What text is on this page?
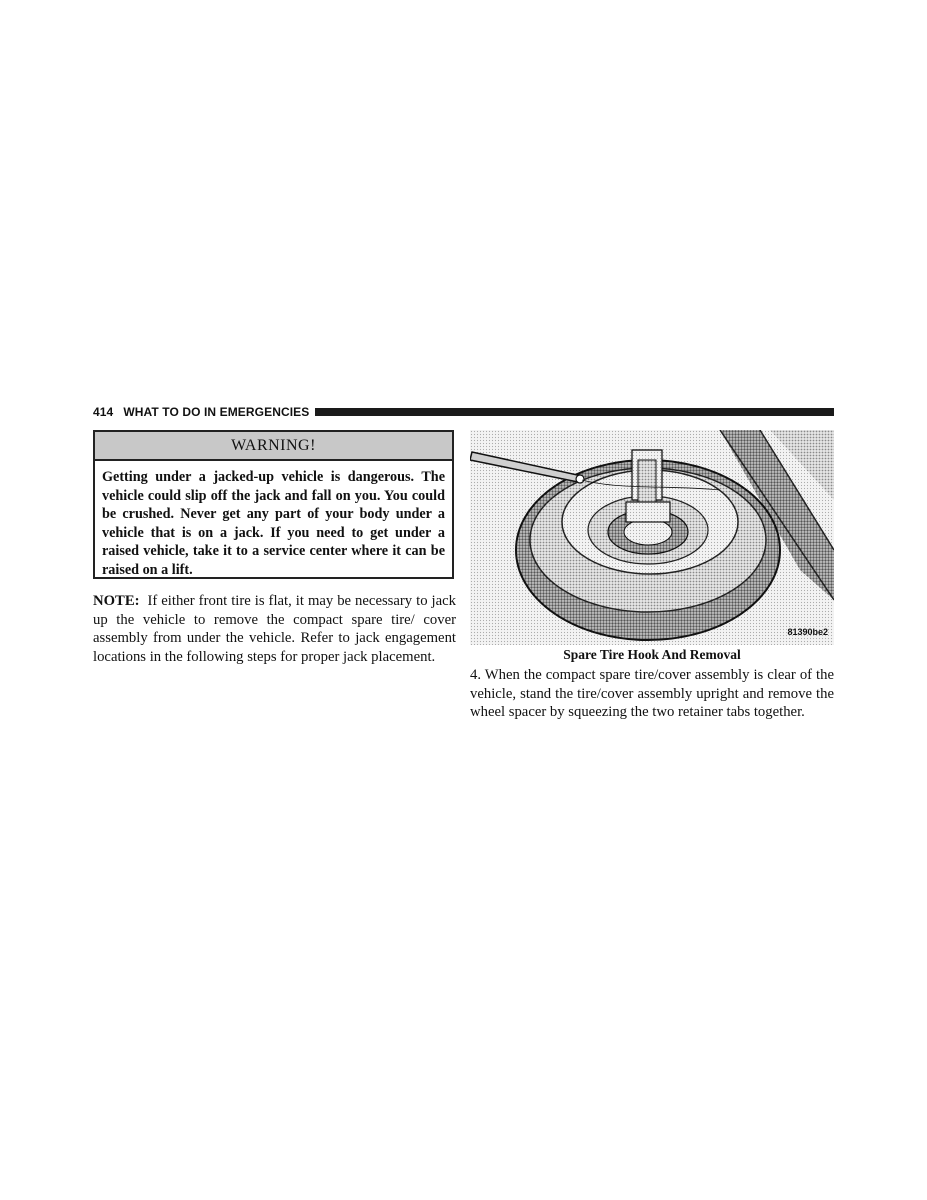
414 WHAT TO DO IN EMERGENCIES
WARNING!
Getting under a jacked-up vehicle is dangerous. The vehicle could slip off the jack and fall on you. You could be crushed. Never get any part of your body under a vehicle that is on a jack. If you need to get under a raised vehicle, take it to a service center where it can be raised on a lift.
NOTE: If either front tire is flat, it may be necessary to jack up the vehicle to remove the compact spare tire/ cover assembly from under the vehicle. Refer to jack engagement locations in the following steps for proper jack placement.
81390be2
Spare Tire Hook And Removal
4. When the compact spare tire/cover assembly is clear of the vehicle, stand the tire/cover assembly upright and remove the wheel spacer by squeezing the two retainer tabs together.
